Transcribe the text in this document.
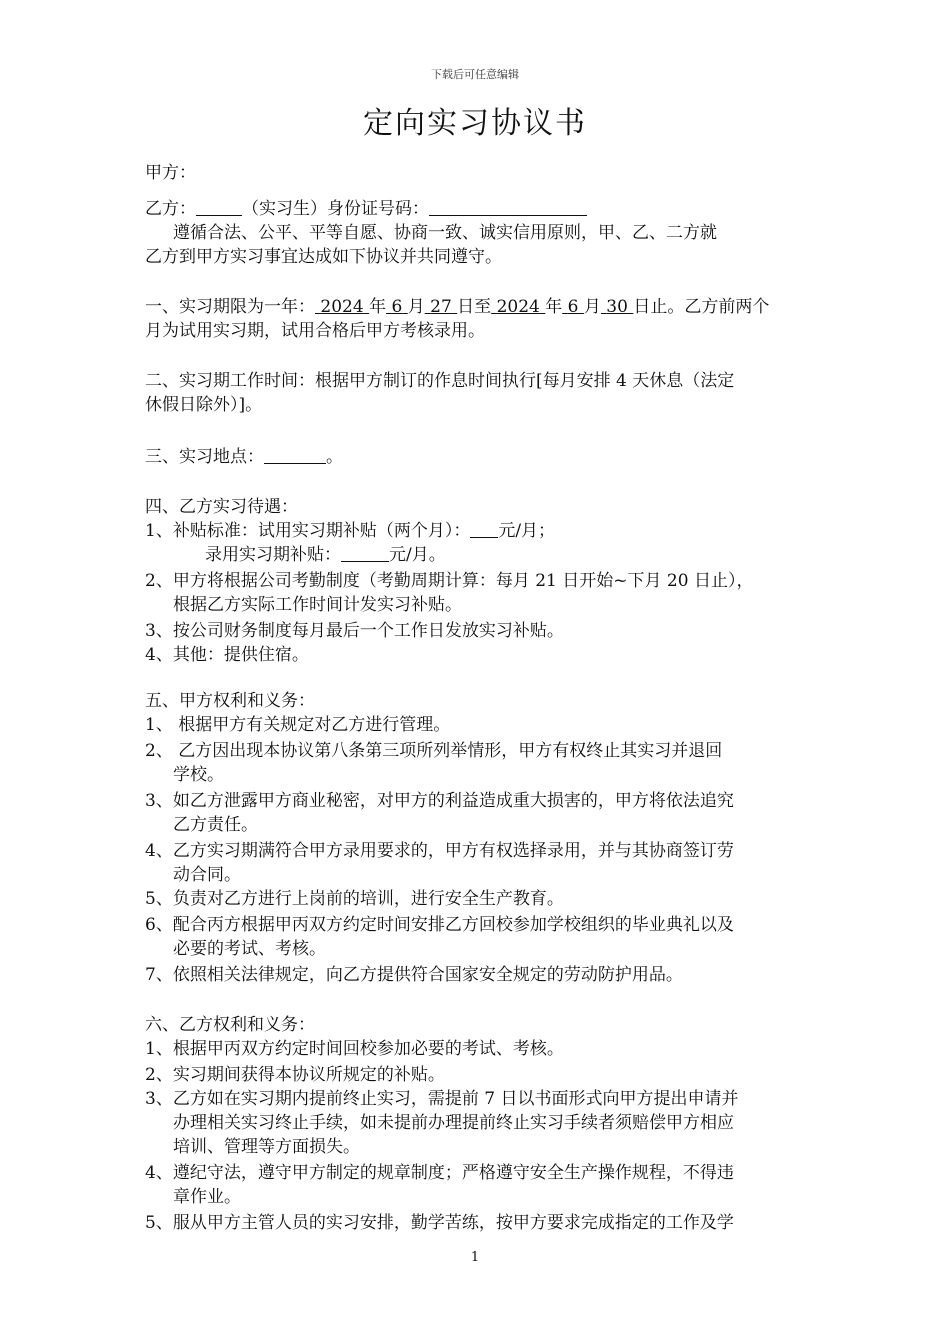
下载后可任意编辑
定向实习协议书
甲方：
乙方：	（实习生）身份证号码：
遵循合法、公平、平等自愿、协商一致、诚实信用原则，甲、乙、二方就
乙方到甲方实习事宜达成如下协议并共同遵守。
一、实习期限为一年： 2024 年 6 月 27 日至 2024 年 6 月 30 日止。乙方前两个
月为试用实习期，试用合格后甲方考核录用。
二、实习期工作时间：根据甲方制订的作息时间执行[每月安排 4 天休息（法定
休假日除外）]。
三、实习地点：	。
四、乙方实习待遇：
1、补贴标准：试用实习期补贴（两个月）： 元/月；
录用实习期补贴：	元/月。
2、甲方将根据公司考勤制度（考勤周期计算：每月 21 日开始~下月 20 日止），
根据乙方实际工作时间计发实习补贴。
3、按公司财务制度每月最后一个工作日发放实习补贴。
4、其他：提供住宿。
五、甲方权利和义务：
1、 根据甲方有关规定对乙方进行管理。
2、 乙方因出现本协议第八条第三项所列举情形，甲方有权终止其实习并退回
学校。
3、如乙方泄露甲方商业秘密，对甲方的利益造成重大损害的，甲方将依法追究
乙方责任。
4、乙方实习期满符合甲方录用要求的，甲方有权选择录用，并与其协商签订劳
动合同。
5、负责对乙方进行上岗前的培训，进行安全生产教育。
6、配合丙方根据甲丙双方约定时间安排乙方回校参加学校组织的毕业典礼以及
必要的考试、考核。
7、依照相关法律规定，向乙方提供符合国家安全规定的劳动防护用品。
六、乙方权利和义务：
1、根据甲丙双方约定时间回校参加必要的考试、考核。
2、实习期间获得本协议所规定的补贴。
3、乙方如在实习期内提前终止实习，需提前 7 日以书面形式向甲方提出申请并
办理相关实习终止手续，如未提前办理提前终止实习手续者须赔偿甲方相应
培训、管理等方面损失。
4、遵纪守法，遵守甲方制定的规章制度；严格遵守安全生产操作规程，不得违
章作业。
5、服从甲方主管人员的实习安排，勤学苦练，按甲方要求完成指定的工作及学
1
